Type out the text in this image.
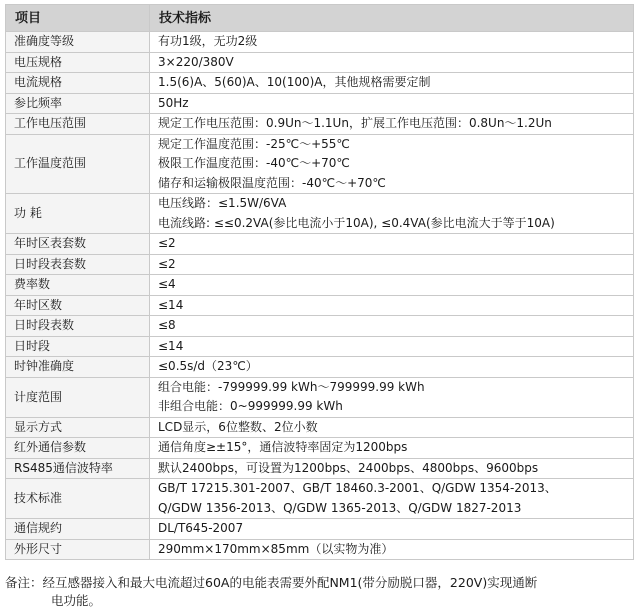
项目	技术指标
准确度等级	有功1级，无功2级

电压规格	3×220/380V

电流规格	1.5(6)A、5(60)A、10(100)A，其他规格需要定制

参比频率	50Hz

工作电压范围	规定工作电压范围：0.9Un～1.1Un，扩展工作电压范围：0.8Un～1.2Un

工作温度范围	规定工作温度范围：-25℃～+55℃
极限工作温度范围：-40℃～+70℃
储存和运输极限温度范围：-40℃～+70℃

功 耗	电压线路：≤1.5W/6VA
电流线路: ≤≤0.2VA(参比电流小于10A), ≤0.4VA(参比电流大于等于10A)

年时区表套数	≤2

日时段表套数	≤2

费率数	≤4

年时区数	≤14

日时段表数	≤8

日时段	≤14

时钟准确度	≤0.5s/d（23℃）

计度范围	组合电能：-799999.99 kWh～799999.99 kWh
非组合电能：0~999999.99 kWh

显示方式	LCD显示，6位整数、2位小数

红外通信参数	通信角度≥±15°，通信波特率固定为1200bps

RS485通信波特率	默认2400bps，可设置为1200bps、2400bps、4800bps、9600bps

技术标准	GB/T 17215.301-2007、GB/T 18460.3-2001、Q/GDW 1354-2013、
Q/GDW 1356-2013、Q/GDW 1365-2013、Q/GDW 1827-2013

通信规约	DL/T645-2007

外形尺寸	290mm×170mm×85mm（以实物为准）
备注：经互感器接入和最大电流超过60A的电能表需要外配NM1(带分励脱口器，220V)实现通断
电功能。
